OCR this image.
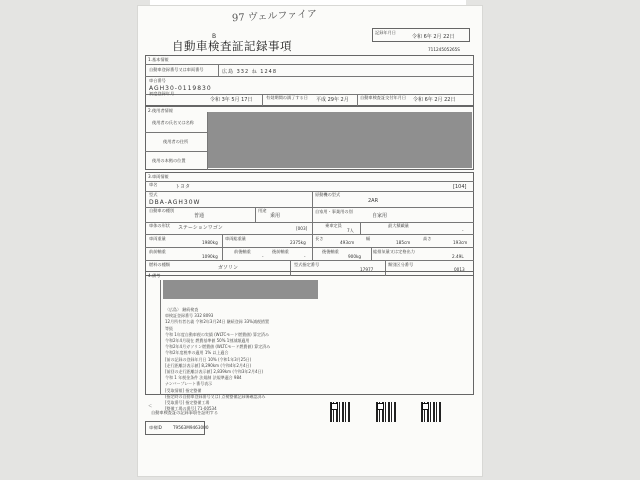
97 ヴェルファイア
B
自動車検査証記録事項
記録年月日
令和 6年 2月 22日
71124505265S
1.基本情報
自動車登録番号又は車両番号	広島 332 ね 1248
車台番号
AGH30-0119830
初度登録年月
令和 3年 5月 17日	有効期間の満了する日 平成 29年 2月	自動車検査証交付年月日 令和 6年 2月 22日
2.使用者情報
使用者の氏名又は名称
使用者の住所
使用の本拠の位置
3.車両情報
車名	トヨタ	[104]
型式
DBA-AGH30W
原動機の型式
2AR
自動車の種別
普通
用途
乗用
自家用・事業用の別
自家用
車体の形状 ステーションワゴン	[003]
乗車定員
7人
最大積載量
-
車両重量
1980kg
車両総重量
2375kg
長さ
493cm
幅
185cm
高さ
193cm
前前軸重
1090kg
前後軸重
-
後前軸重
-
後後軸重
900kg
総排気量又は定格出力
2.49L
燃料の種類
ガソリン
型式指定番号
17977
類別区分番号
0013
4.備考
〈広島〉 継続検査
車検証登録番号 332 8093
12月所有者名義 令和2年3月24日 継続登録 33%減税措置
等級
令和 1年度自動車税の実績 (WLTCモード燃費値) 算定済み
令和2年4月現在 燃費基準値 50% 1割減額適用
令和2年4月ガソリン燃費値 (WLTCモード燃費値) 算定済み
令和2年度税率の適用 1% 以上適合
[前の記録の登録年月日 10% (令和1年3月25日)
[走行距離計表示値] 8,290km (令和4年2月4日)
[前回の走行距離計表示値] 2,839km (令和3年2月4日)
令和 1 年税金条件 法規制 法規準適合 984
ナンバープレート番号表示
[受取情報] 指定整備
(指定時の自動車登録番号又は) 点検整備記録簿確認済み
[受取番号] 指定整備工場
[整備工場の番号] 71-00534
＜
自動車検査証の記録事項を証明する
車検ID	T9563M9463000
